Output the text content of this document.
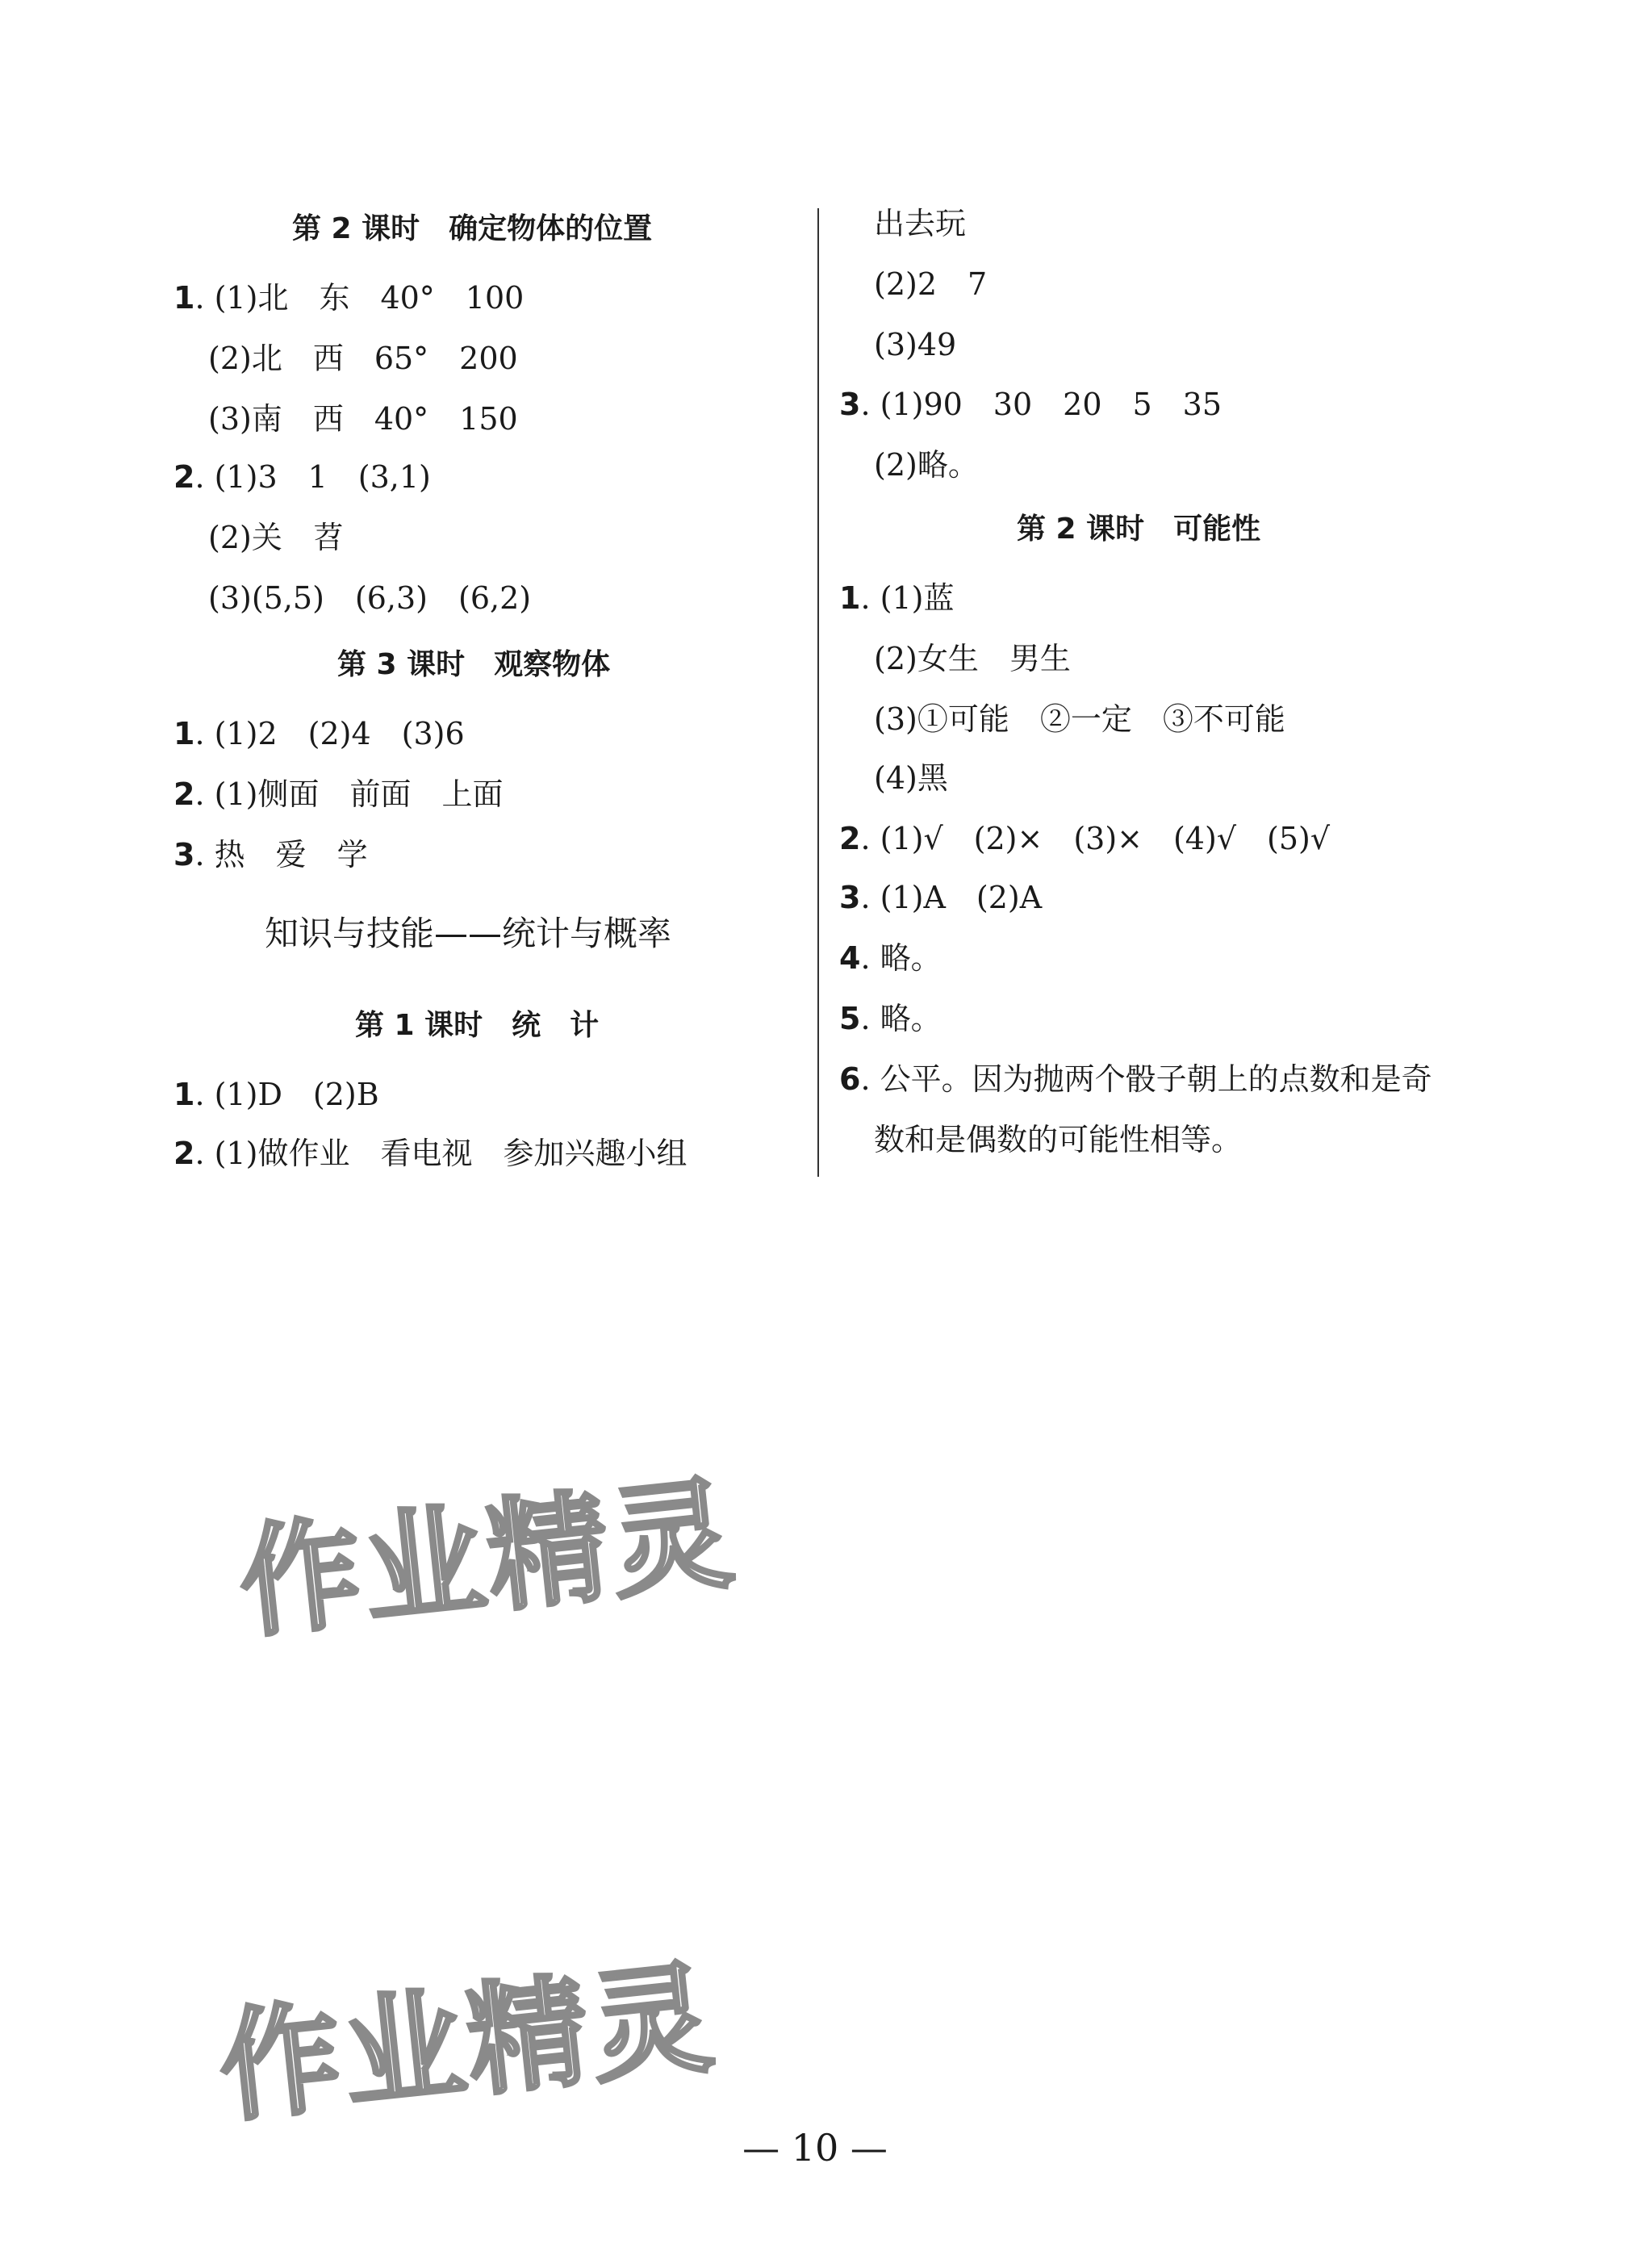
第 2 课时　确定物体的位置
1. (1)北　东　40°　100
(2)北　西　65°　200
(3)南　西　40°　150
2. (1)3　1　(3,1)
(2)关　苕
(3)(5,5)　(6,3)　(6,2)
第 3 课时　观察物体
1. (1)2　(2)4　(3)6
2. (1)侧面　前面　上面
3. 热　爱　学
知识与技能——统计与概率
第 1 课时　统　计
1. (1)D　(2)B
2. (1)做作业　看电视　参加兴趣小组
出去玩
(2)2　7
(3)49
3. (1)90　30　20　5　35
(2)略。
第 2 课时　可能性
1. (1)蓝
(2)女生　男生
(3)①可能　②一定　③不可能
(4)黑
2. (1)√　(2)×　(3)×　(4)√　(5)√
3. (1)A　(2)A
4. 略。
5. 略。
6. 公平。因为抛两个骰子朝上的点数和是奇
数和是偶数的可能性相等。
作业精灵
作业精灵
— 10 —
